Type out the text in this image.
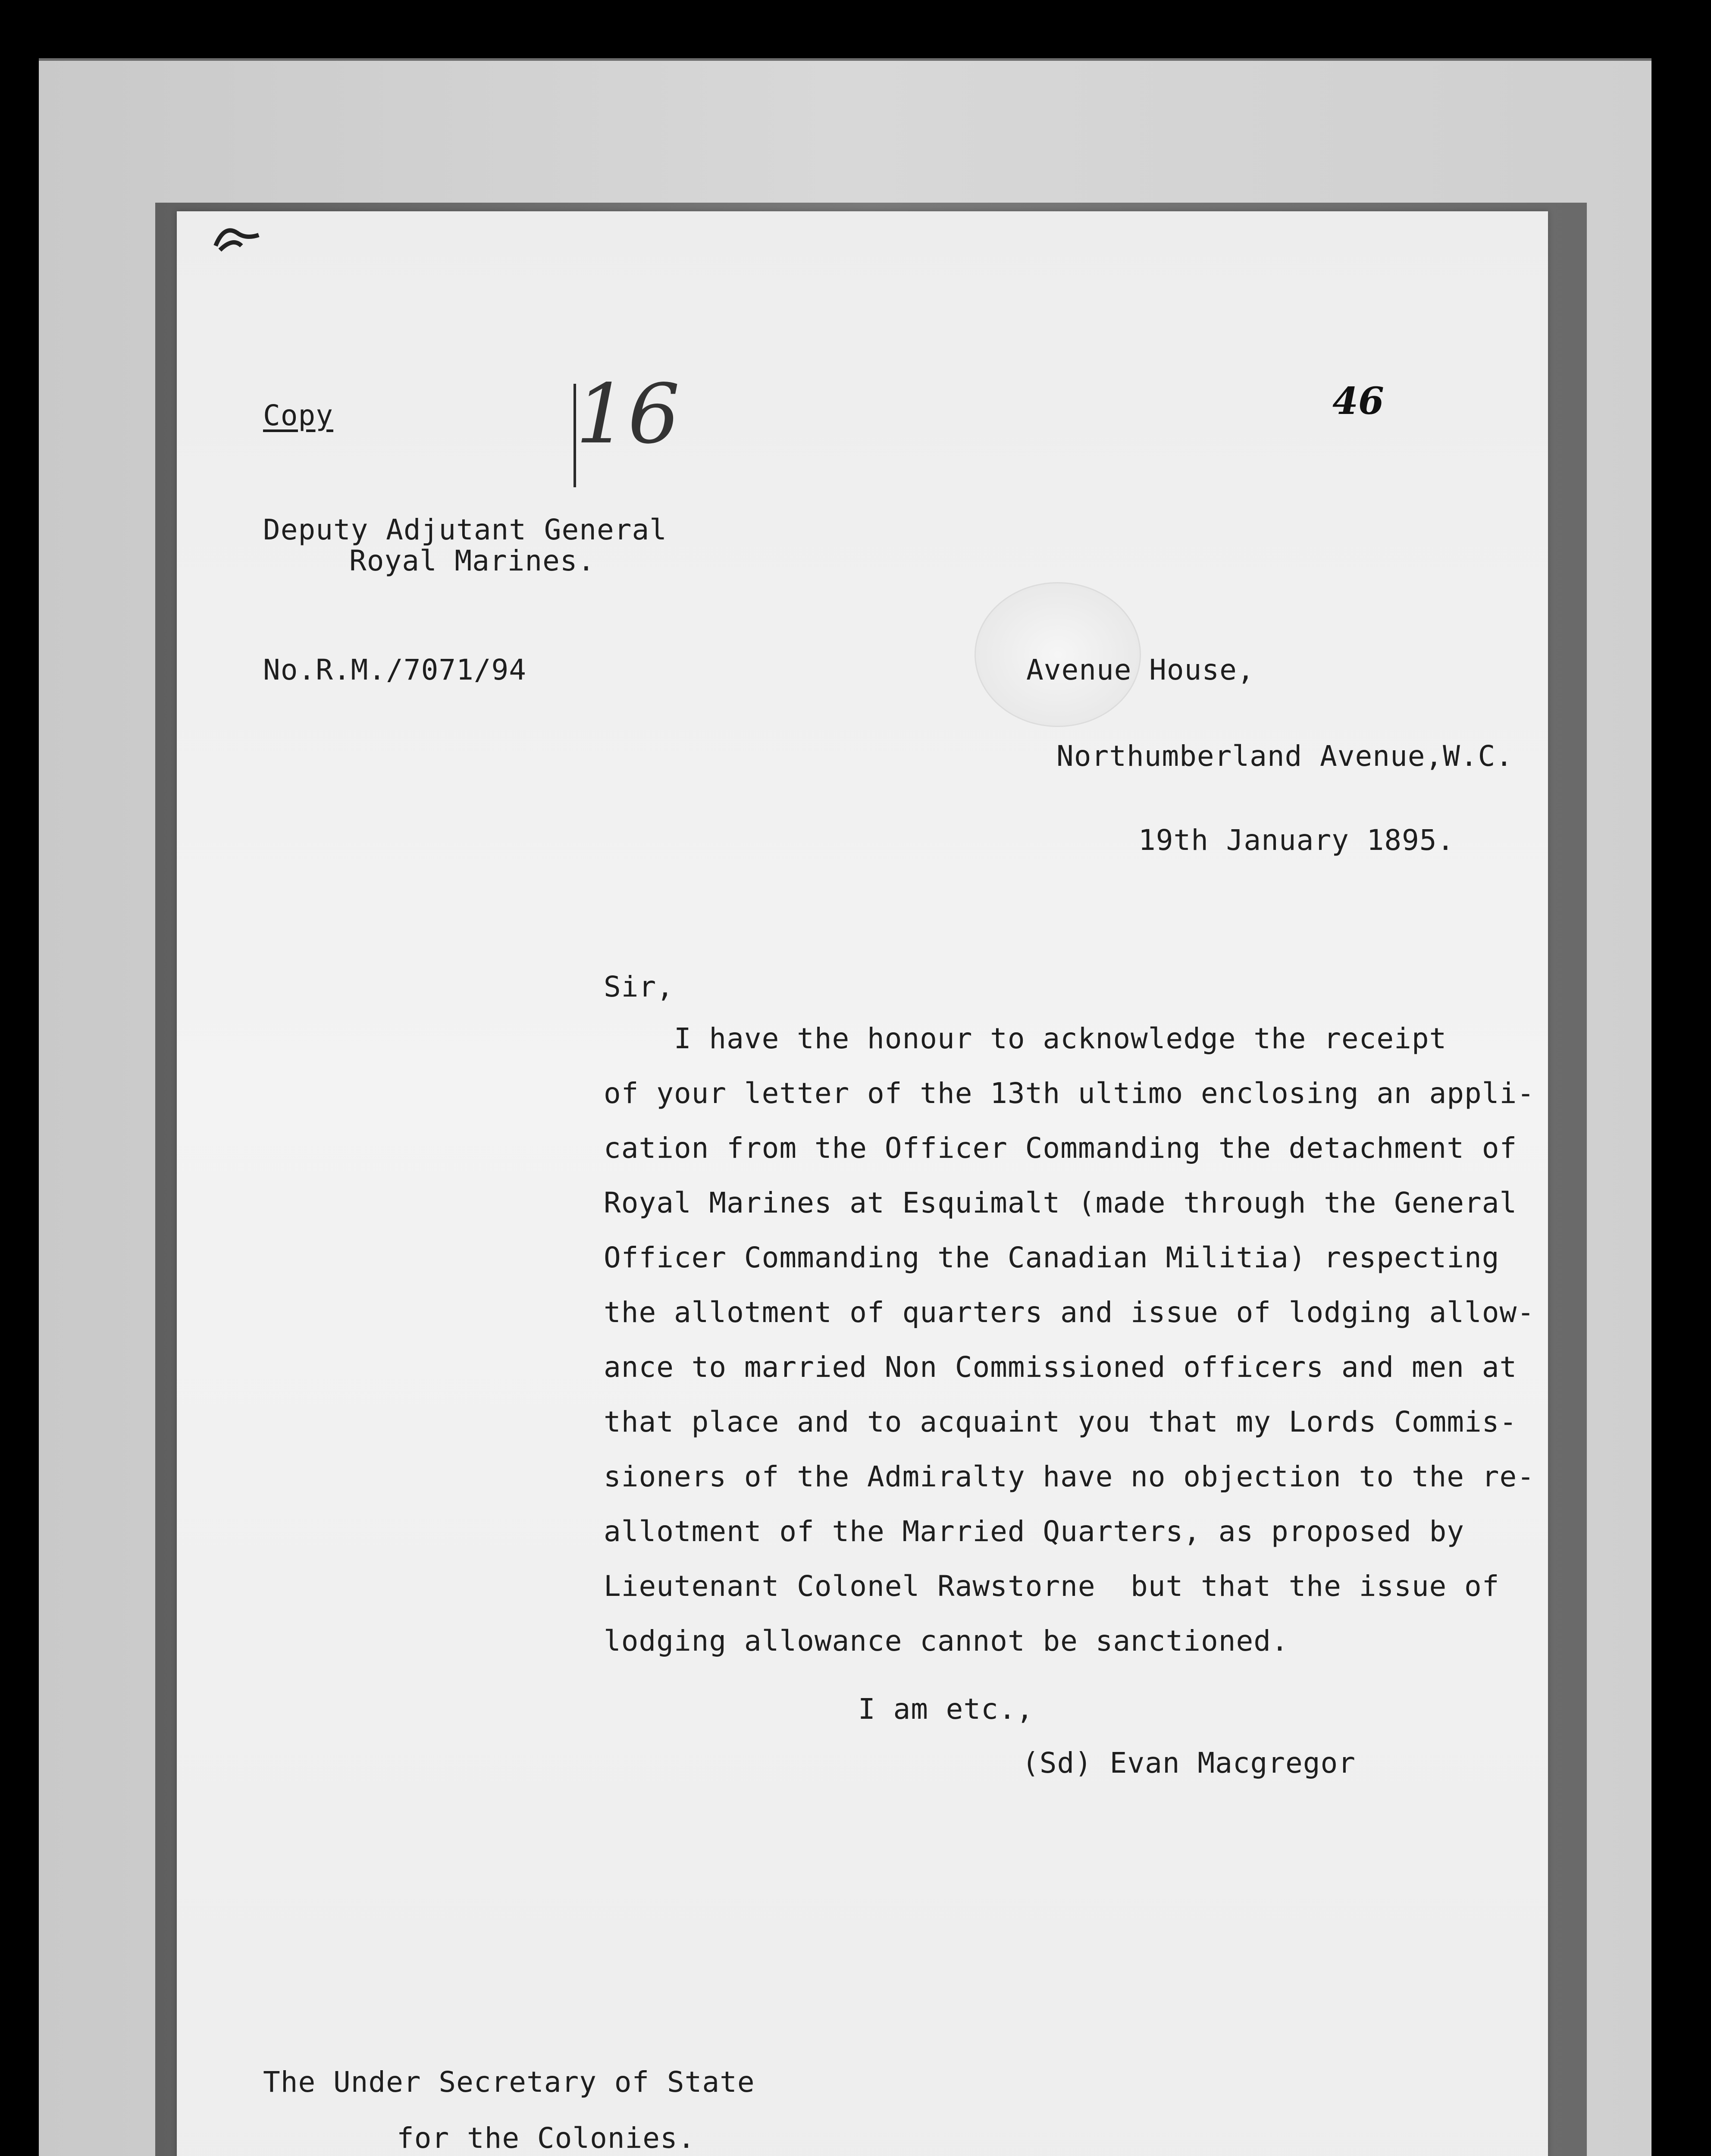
Copy	16	46
Deputy Adjutant General
Royal Marines.
No.R.M./7071/94	Avenue House,
Northumberland Avenue,W.C.
19th January 1895.
Sir,
I have the honour to acknowledge the receipt
of your letter of the 13th ultimo enclosing an appli-
cation from the Officer Commanding the detachment of
Royal Marines at Esquimalt (made through the General
Officer Commanding the Canadian Militia) respecting
the allotment of quarters and issue of lodging allow-
ance to married Non Commissioned officers and men at
that place and to acquaint you that my Lords Commis-
sioners of the Admiralty have no objection to the re-
allotment of the Married Quarters, as proposed by
Lieutenant Colonel Rawstorne  but that the issue of
lodging allowance cannot be sanctioned.
I am etc.,
(Sd) Evan Macgregor
The Under Secretary of State
for the Colonies.
